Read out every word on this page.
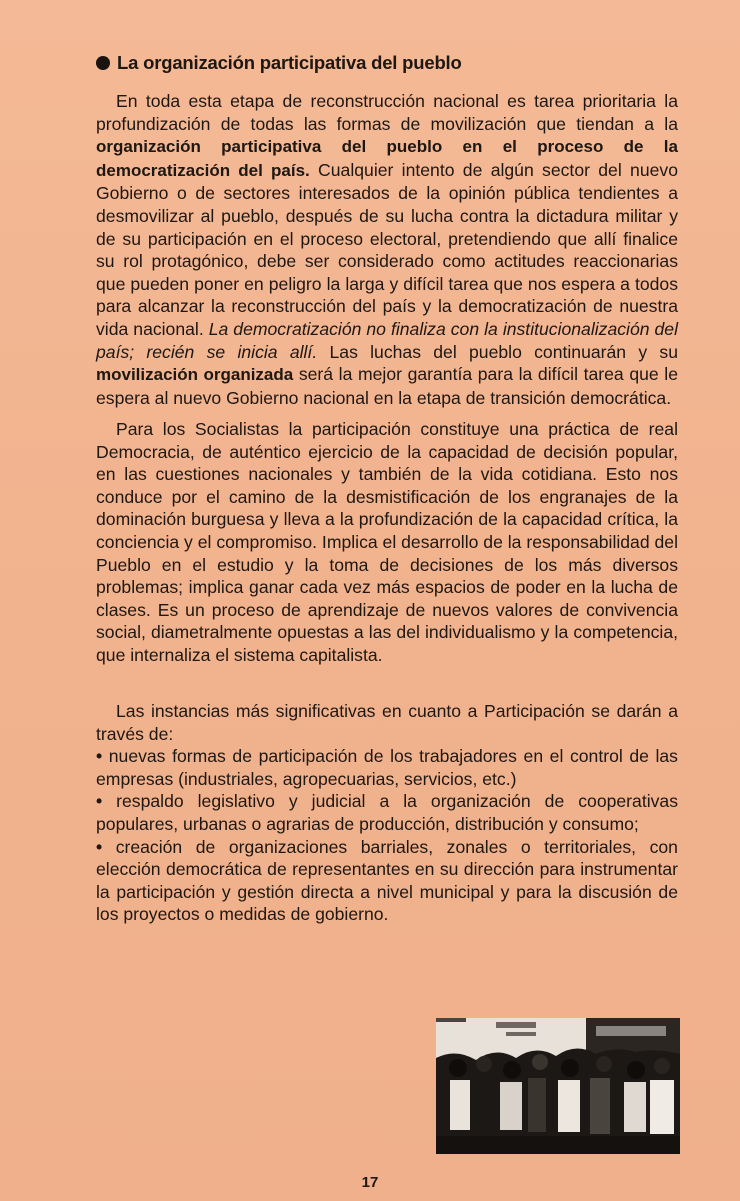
La organización participativa del pueblo

En toda esta etapa de reconstrucción nacional es tarea prioritaria la profundización de todas las formas de movilización que tiendan a la organización participativa del pueblo en el proceso de la democratización del país. Cualquier intento de algún sector del nuevo Gobierno o de sectores interesados de la opinión pública tendientes a desmovilizar al pueblo, después de su lucha contra la dictadura militar y de su participación en el proceso electoral, pretendiendo que allí finalice su rol protagónico, debe ser considerado como actitudes reaccionarias que pueden poner en peligro la larga y difícil tarea que nos espera a todos para alcanzar la reconstrucción del país y la democratización de nuestra vida nacional. La democratización no finaliza con la institucionalización del país; recién se inicia allí. Las luchas del pueblo continuarán y su movilización organizada será la mejor garantía para la difícil tarea que le espera al nuevo Gobierno nacional en la etapa de transición democrática.

Para los Socialistas la participación constituye una práctica de real Democracia, de auténtico ejercicio de la capacidad de decisión popular, en las cuestiones nacionales y también de la vida cotidiana. Esto nos conduce por el camino de la desmistificación de los engranajes de la dominación burguesa y lleva a la profundización de la capacidad crítica, la conciencia y el compromiso. Implica el desarrollo de la responsabilidad del Pueblo en el estudio y la toma de decisiones de los más diversos problemas; implica ganar cada vez más espacios de poder en la lucha de clases. Es un proceso de aprendizaje de nuevos valores de convivencia social, diametralmente opuestas a las del individualismo y la competencia, que internaliza el sistema capitalista.

Las instancias más significativas en cuanto a Participación se darán a través de:

• nuevas formas de participación de los trabajadores en el control de las empresas (industriales, agropecuarias, servicios, etc.)

• respaldo legislativo y judicial a la organización de cooperativas populares, urbanas o agrarias de producción, distribución y consumo;

• creación de organizaciones barriales, zonales o territoriales, con elección democrática de representantes en su dirección para instrumentar la participación y gestión directa a nivel municipal y para la discusión de los proyectos o medidas de gobierno.

17
